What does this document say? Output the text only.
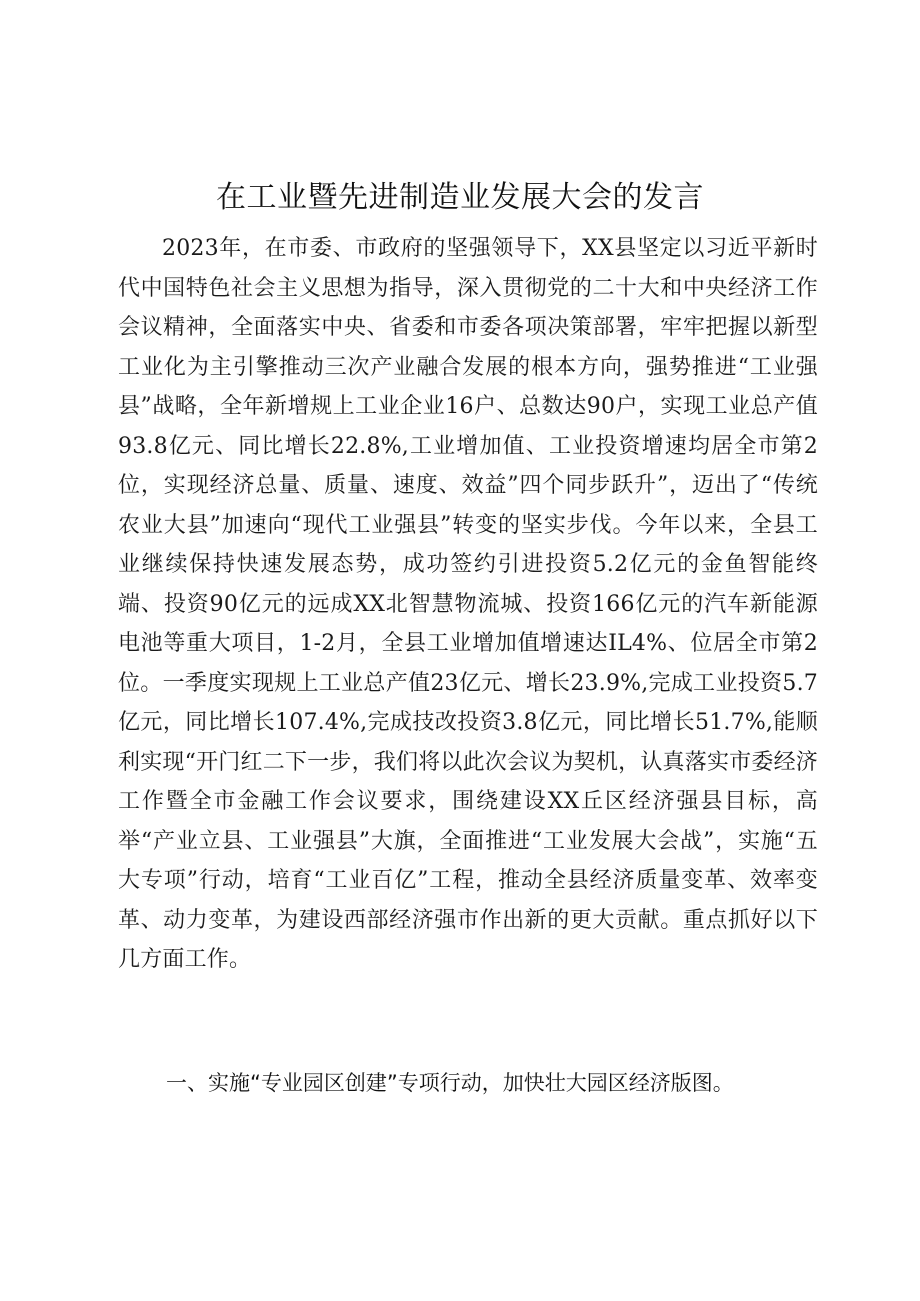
在工业暨先进制造业发展大会的发言

2023年，在市委、市政府的坚强领导下，XX县坚定以习近平新时代中国特色社会主义思想为指导，深入贯彻党的二十大和中央经济工作会议精神，全面落实中央、省委和市委各项决策部署，牢牢把握以新型工业化为主引擎推动三次产业融合发展的根本方向，强势推进“工业强县”战略，全年新增规上工业企业16户、总数达90户，实现工业总产值93.8亿元、同比增长22.8%,工业增加值、工业投资增速均居全市第2位，实现经济总量、质量、速度、效益”四个同步跃升”，迈出了“传统农业大县”加速向“现代工业强县”转变的坚实步伐。今年以来，全县工业继续保持快速发展态势，成功签约引进投资5.2亿元的金鱼智能终端、投资90亿元的远成XX北智慧物流城、投资166亿元的汽车新能源电池等重大项目，1-2月，全县工业增加值增速达IL4%、位居全市第2位。一季度实现规上工业总产值23亿元、增长23.9%,完成工业投资5.7亿元，同比增长107.4%,完成技改投资3.8亿元，同比增长51.7%,能顺利实现“开门红二下一步，我们将以此次会议为契机，认真落实市委经济工作暨全市金融工作会议要求，围绕建设XX丘区经济强县目标，高举“产业立县、工业强县”大旗，全面推进“工业发展大会战”，实施“五大专项”行动，培育“工业百亿”工程，推动全县经济质量变革、效率变革、动力变革，为建设西部经济强市作出新的更大贡献。重点抓好以下几方面工作。

一、实施“专业园区创建”专项行动，加快壮大园区经济版图。
